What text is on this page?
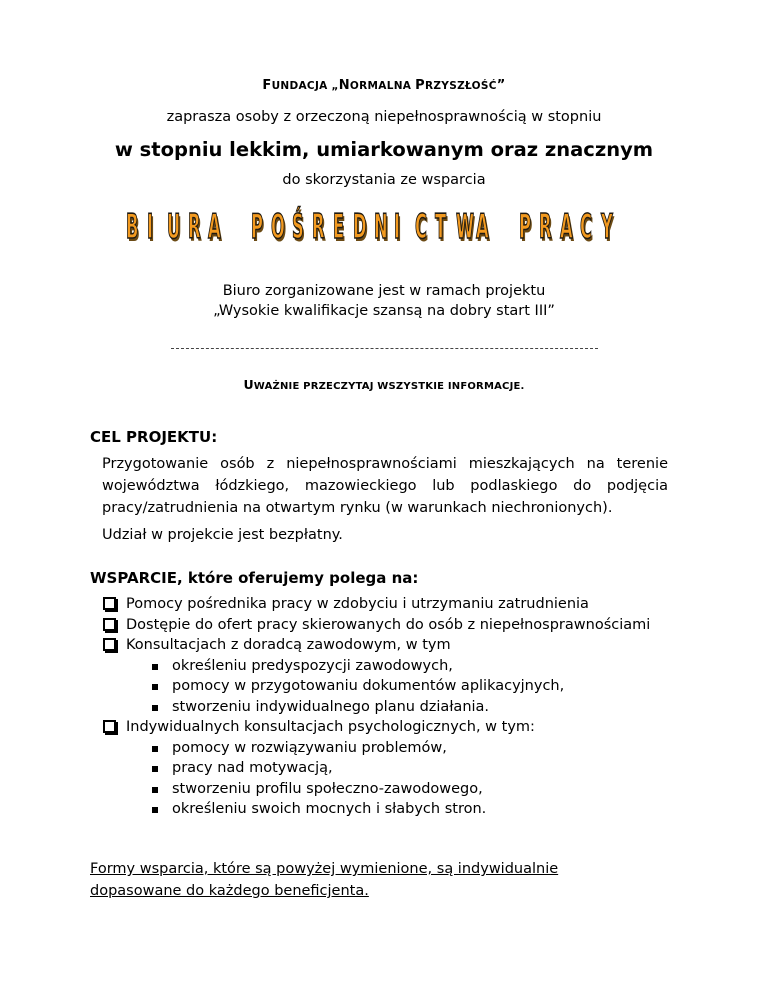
FUNDACJA „NORMALNA PRZYSZŁOŚĆ”
zaprasza osoby z orzeczoną niepełnosprawnością w stopniu
w stopniu lekkim, umiarkowanym oraz znacznym
do skorzystania ze wsparcia
B I U R A P O Ś R E D N I C T W A P R A C Y
Biuro zorganizowane jest w ramach projektu
„Wysokie kwalifikacje szansą na dobry start III”
UWAŻNIE PRZECZYTAJ WSZYSTKIE INFORMACJE.
CEL PROJEKTU:
Przygotowanie osób z niepełnosprawnościami mieszkających na terenie województwa łódzkiego, mazowieckiego lub podlaskiego do podjęcia pracy/zatrudnienia na otwartym rynku (w warunkach niechronionych).
Udział w projekcie jest bezpłatny.
WSPARCIE, które oferujemy polega na:
Pomocy pośrednika pracy w zdobyciu i utrzymaniu zatrudnienia
Dostępie do ofert pracy skierowanych do osób z niepełnosprawnościami
Konsultacjach z doradcą zawodowym, w tym
określeniu predyspozycji zawodowych,
pomocy w przygotowaniu dokumentów aplikacyjnych,
stworzeniu indywidualnego planu działania.
Indywidualnych konsultacjach psychologicznych, w tym:
pomocy w rozwiązywaniu problemów,
pracy nad motywacją,
stworzeniu profilu społeczno-zawodowego,
określeniu swoich mocnych i słabych stron.
Formy wsparcia, które są powyżej wymienione, są indywidualnie dopasowane do każdego beneficjenta.
